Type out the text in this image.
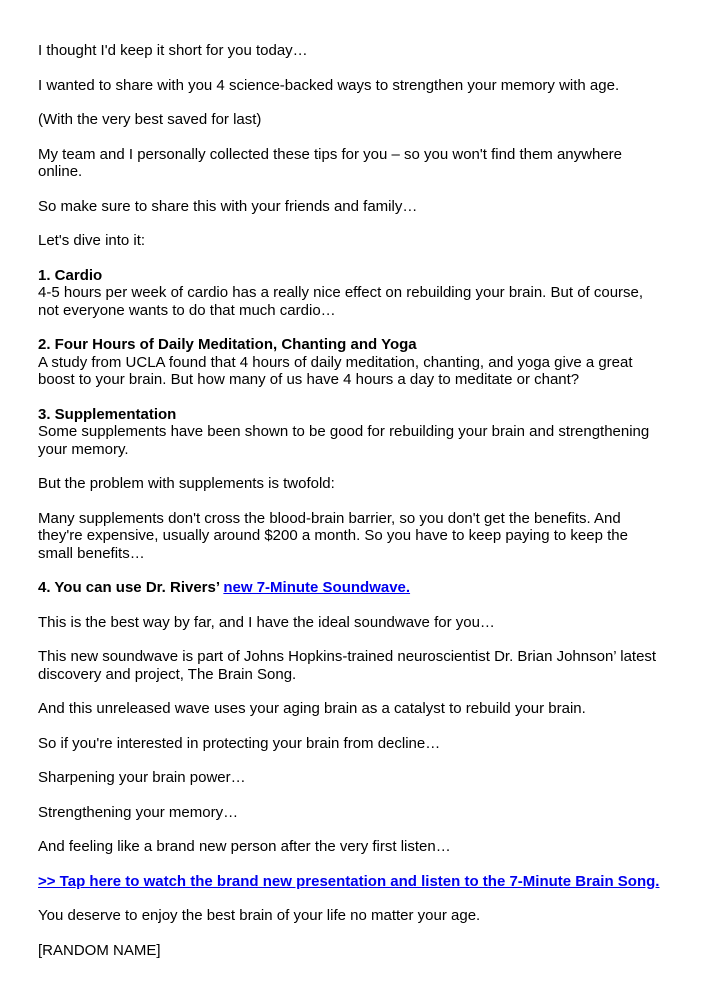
I thought I'd keep it short for you today…

I wanted to share with you 4 science-backed ways to strengthen your memory with age.

(With the very best saved for last)

My team and I personally collected these tips for you – so you won't find them anywhere online.

So make sure to share this with your friends and family…

Let's dive into it:

1. Cardio
4-5 hours per week of cardio has a really nice effect on rebuilding your brain. But of course, not everyone wants to do that much cardio…

2. Four Hours of Daily Meditation, Chanting and Yoga
A study from UCLA found that 4 hours of daily meditation, chanting, and yoga give a great boost to your brain. But how many of us have 4 hours a day to meditate or chant?

3. Supplementation
Some supplements have been shown to be good for rebuilding your brain and strengthening your memory.

But the problem with supplements is twofold:

Many supplements don't cross the blood-brain barrier, so you don't get the benefits. And they're expensive, usually around $200 a month. So you have to keep paying to keep the small benefits…

4. You can use Dr. Rivers’ new 7-Minute Soundwave.

This is the best way by far, and I have the ideal soundwave for you…

This new soundwave is part of Johns Hopkins-trained neuroscientist Dr. Brian Johnson’ latest discovery and project, The Brain Song.

And this unreleased wave uses your aging brain as a catalyst to rebuild your brain.

So if you're interested in protecting your brain from decline…

Sharpening your brain power…

Strengthening your memory…

And feeling like a brand new person after the very first listen…

>> Tap here to watch the brand new presentation and listen to the 7-Minute Brain Song.

You deserve to enjoy the best brain of your life no matter your age.

[RANDOM NAME]
